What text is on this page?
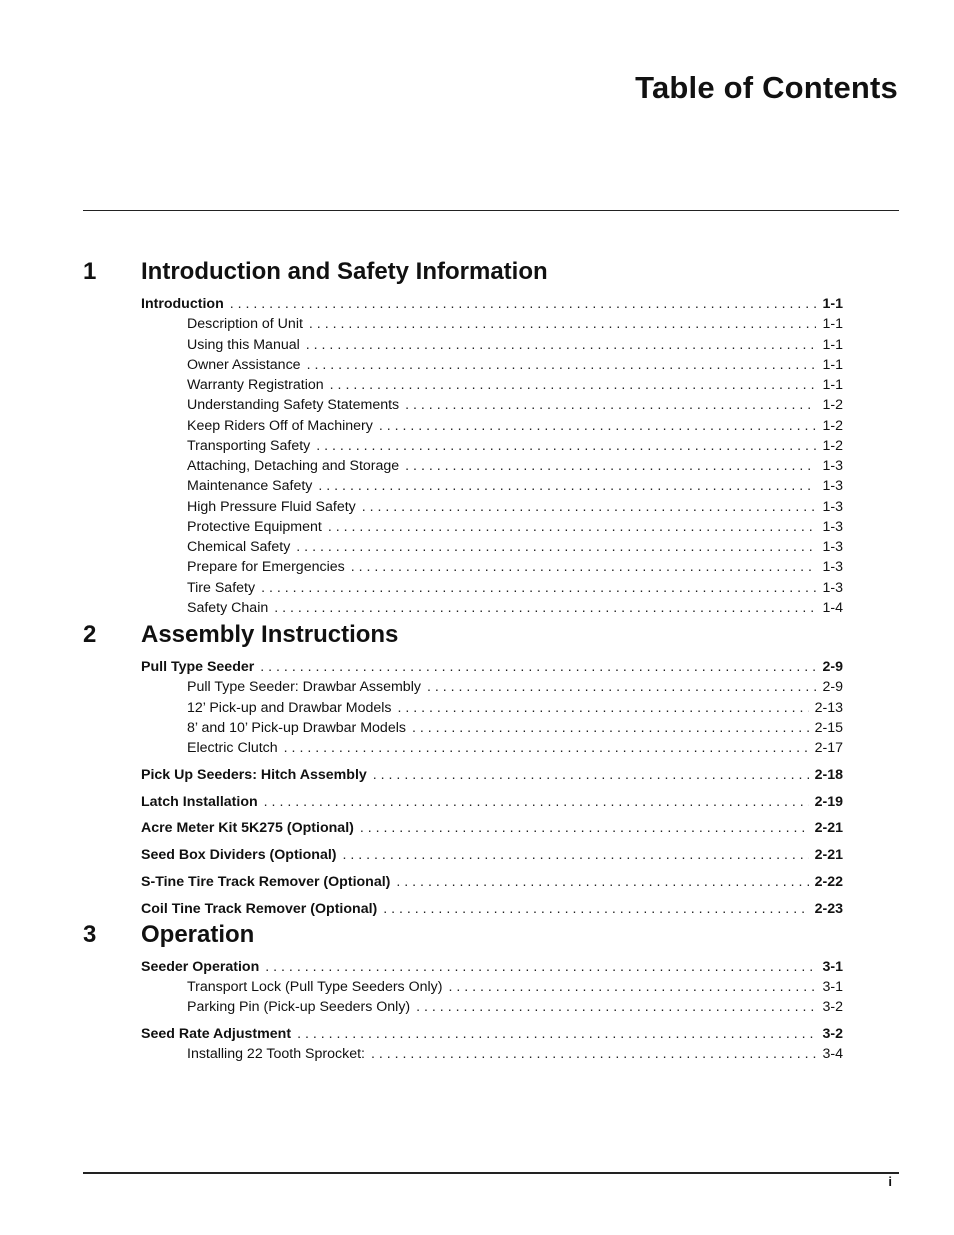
Table of Contents
1	Introduction and Safety Information
Introduction . . .	1-1
Description of Unit . . .	1-1
Using this Manual . . .	1-1
Owner Assistance . . .	1-1
Warranty Registration . . .	1-1
Understanding Safety Statements . . .	1-2
Keep Riders Off of Machinery . . .	1-2
Transporting Safety . . .	1-2
Attaching, Detaching and Storage . . .	1-3
Maintenance Safety . . .	1-3
High Pressure Fluid Safety . . .	1-3
Protective Equipment . . .	1-3
Chemical Safety . . .	1-3
Prepare for Emergencies . . .	1-3
Tire Safety . . .	1-3
Safety Chain . . .	1-4
2	Assembly Instructions
Pull Type Seeder . . .	2-9
Pull Type Seeder: Drawbar Assembly . . .	2-9
12’ Pick-up and Drawbar Models . . .	2-13
8’ and 10’ Pick-up Drawbar Models . . .	2-15
Electric Clutch . . .	2-17
Pick Up Seeders: Hitch Assembly . . .	2-18
Latch Installation . . .	2-19
Acre Meter Kit 5K275 (Optional) . . .	2-21
Seed Box Dividers (Optional) . . .	2-21
S-Tine Tire Track Remover (Optional) . . .	2-22
Coil Tine Track Remover (Optional) . . .	2-23
3	Operation
Seeder Operation . . .	3-1
Transport Lock (Pull Type Seeders Only) . . .	3-1
Parking Pin (Pick-up Seeders Only) . . .	3-2
Seed Rate Adjustment . . .	3-2
Installing 22 Tooth Sprocket: . . .	3-4
i
